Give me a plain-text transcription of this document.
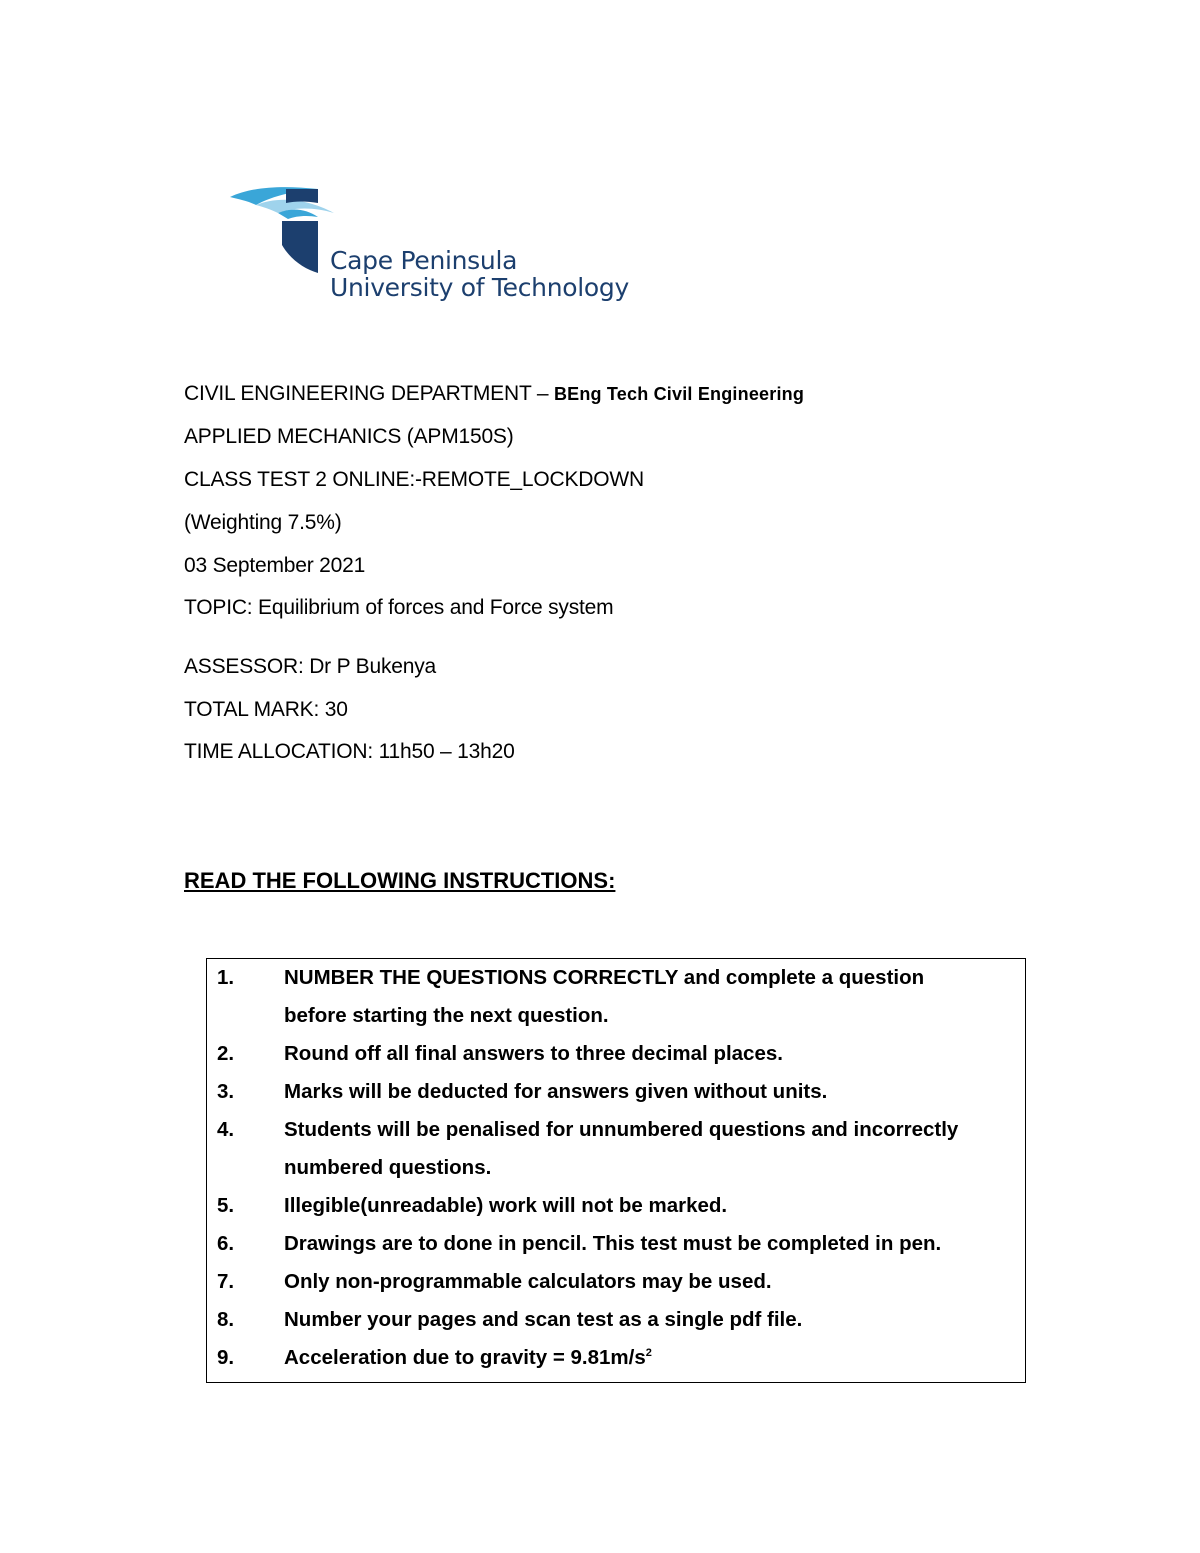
Cape Peninsula
University of Technology
CIVIL ENGINEERING DEPARTMENT – BEng Tech Civil Engineering
APPLIED MECHANICS (APM150S)
CLASS TEST 2 ONLINE:-REMOTE_LOCKDOWN
(Weighting 7.5%)
03 September 2021
TOPIC: Equilibrium of forces and Force system
ASSESSOR: Dr P Bukenya
TOTAL MARK: 30
TIME ALLOCATION: 11h50 – 13h20
READ THE FOLLOWING INSTRUCTIONS:
1.	NUMBER THE QUESTIONS CORRECTLY and complete a question
before starting the next question.
2.	Round off all final answers to three decimal places.
3.	Marks will be deducted for answers given without units.
4.	Students will be penalised for unnumbered questions and incorrectly
numbered questions.
5.	Illegible(unreadable) work will not be marked.
6.	Drawings are to done in pencil. This test must be completed in pen.
7.	Only non-programmable calculators may be used.
8.	Number your pages and scan test as a single pdf file.
9.	Acceleration due to gravity = $9.81m/s^2$
